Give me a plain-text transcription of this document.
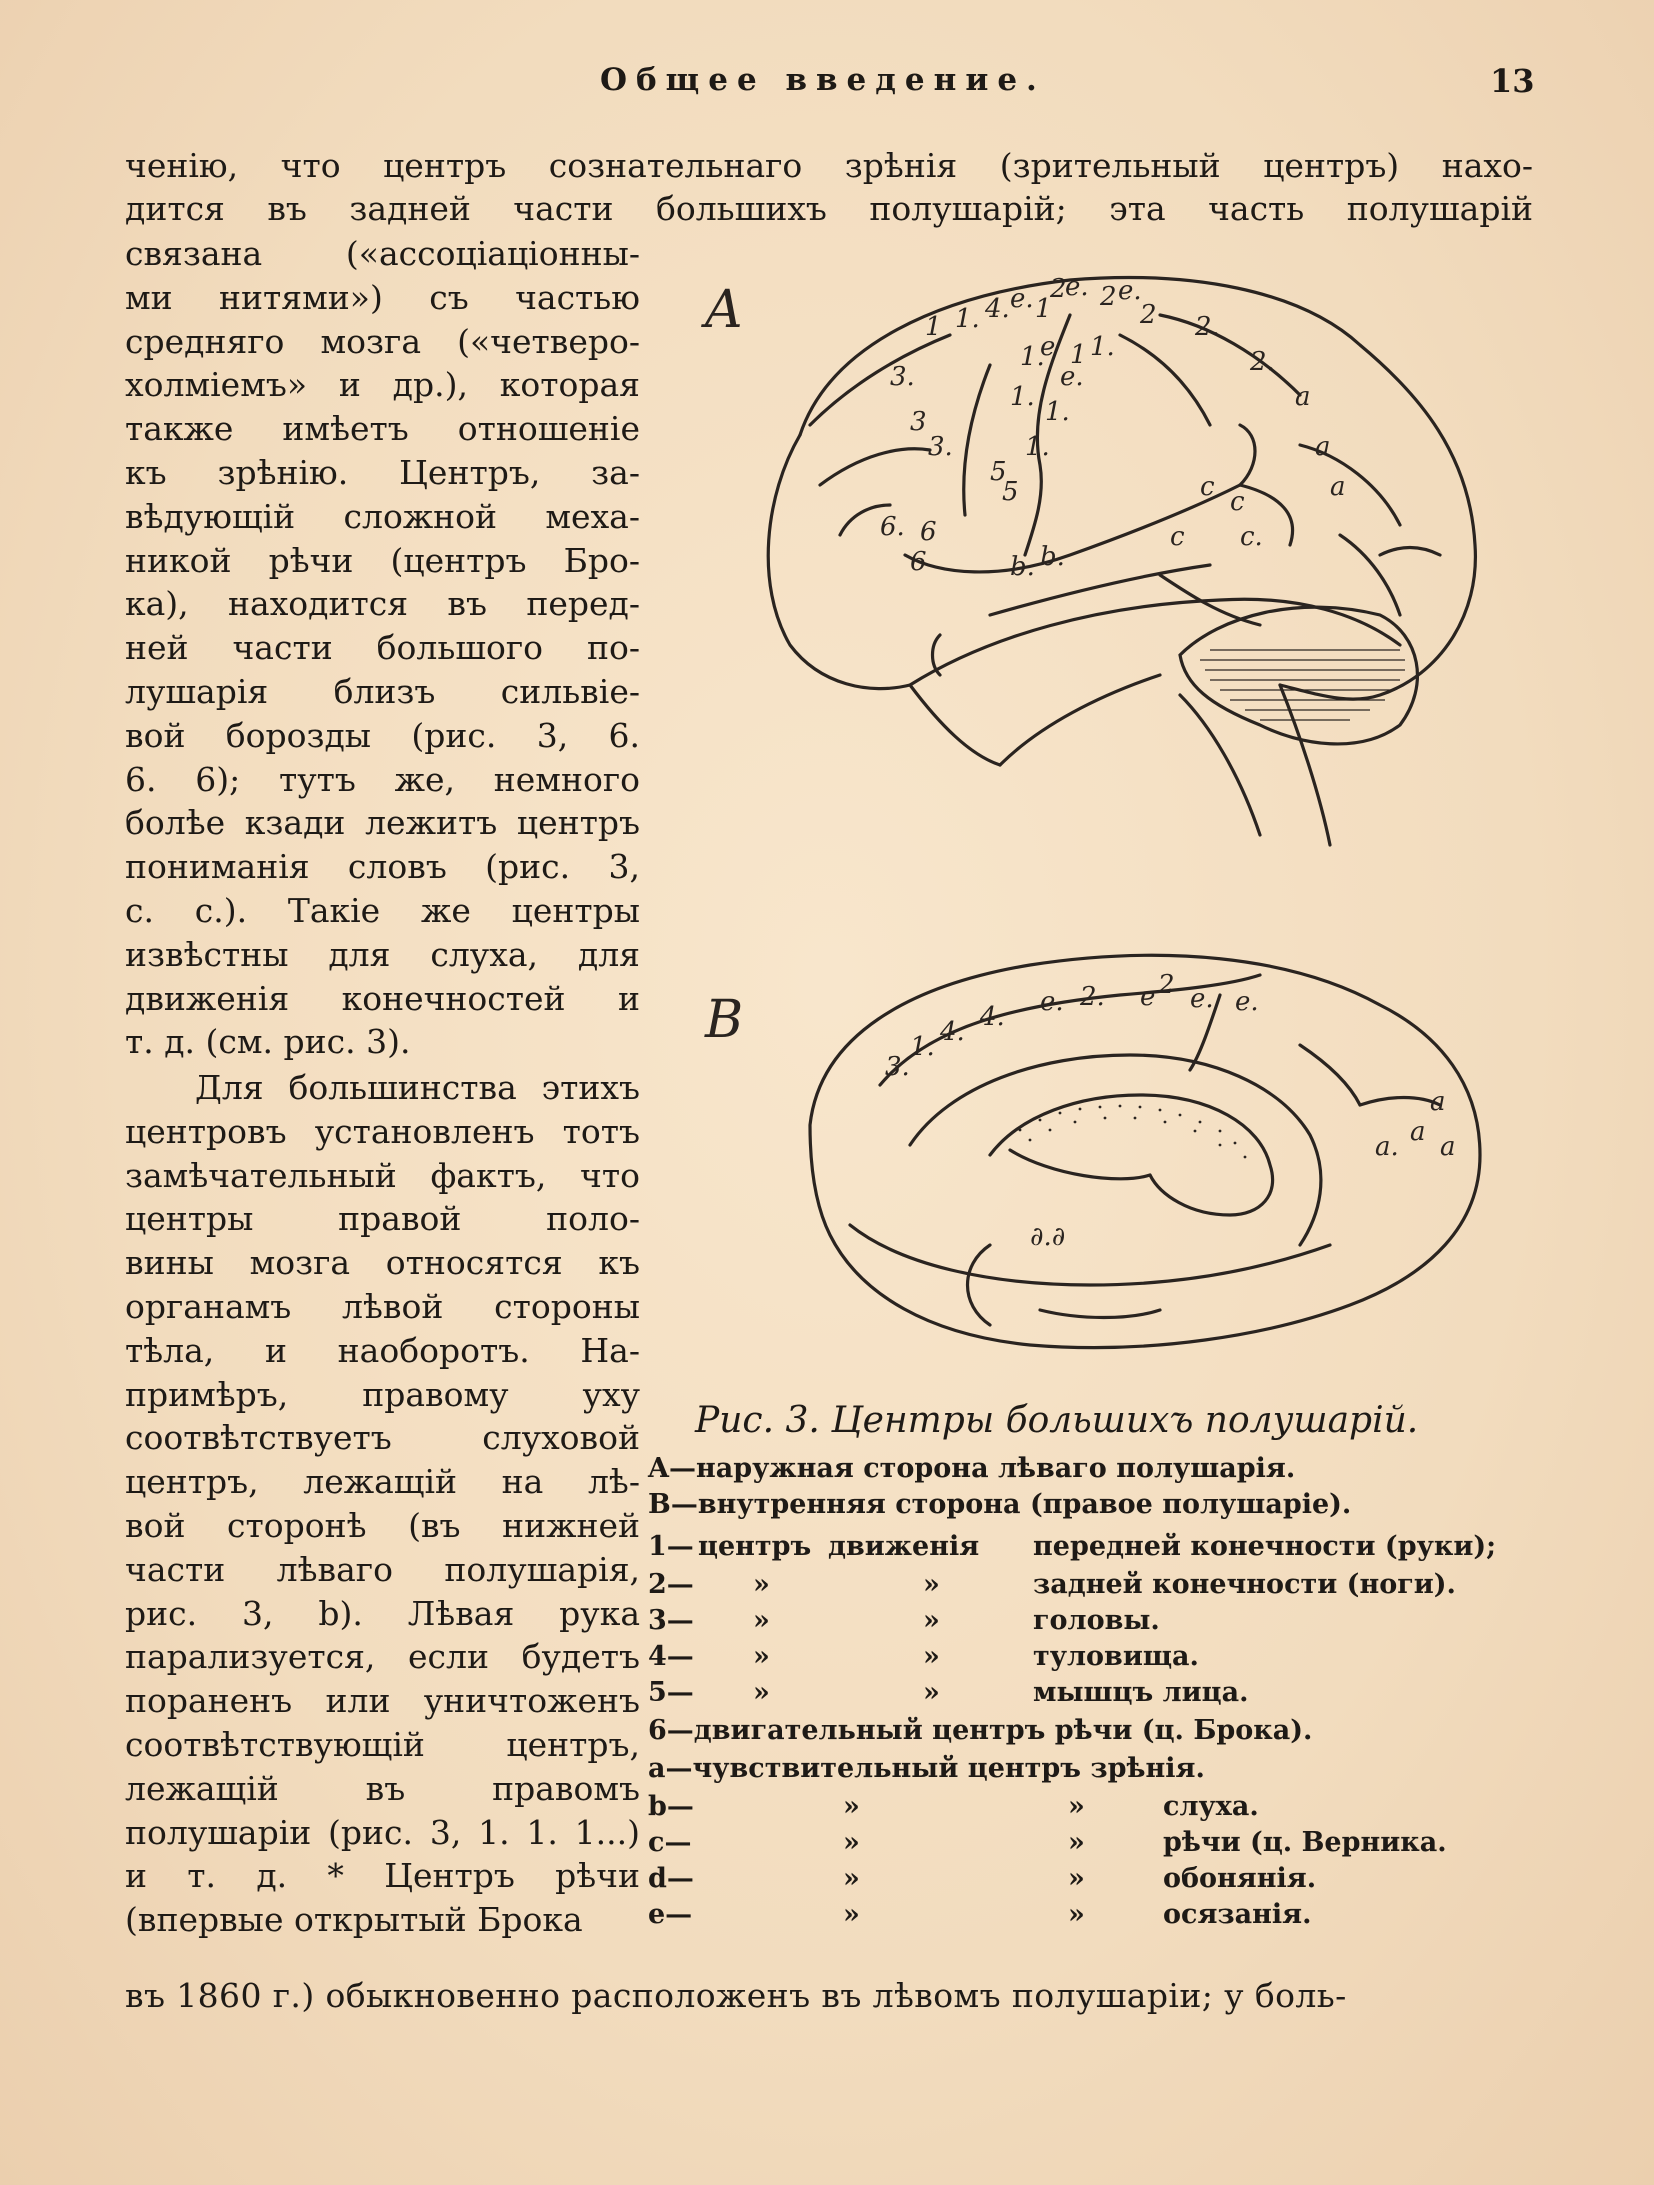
Общее введение.	13
ченію, что центръ сознательнаго зрѣнія (зрительный центръ) нахо-
дится въ задней части большихъ полушарій; эта часть полушарій
связана («ассоціаціонны-
ми нитями») съ частью
средняго мозга («четверо-
холміемъ» и др.), которая
также имѣетъ отношеніе
къ зрѣнію. Центръ, за-
вѣдующій сложной меха-
никой рѣчи (центръ Бро-
ка), находится въ перед-
ней части большого по-
лушарія близъ сильвіе-
вой борозды (рис. 3, 6.
6. 6); тутъ же, немного
болѣе кзади лежитъ центръ
пониманія словъ (рис. 3,
c. c.). Такіе же центры
извѣстны для слуха, для
движенія конечностей и
т. д. (см. рис. 3).
Для большинства этихъ
центровъ установленъ тотъ
замѣчательный фактъ, что
центры правой поло-
вины мозга относятся къ
органамъ лѣвой стороны
тѣла, и наоборотъ. На-
примѣръ, правому уху
соотвѣтствуетъ слуховой
центръ, лежащій на лѣ-
вой сторонѣ (въ нижней
части лѣваго полушарія,
рис. 3, b). Лѣвая рука
парализуется, если будетъ
пораненъ или уничтоженъ
соотвѣтствующій центръ,
лежащій въ правомъ
полушаріи (рис. 3, 1. 1. 1...)
и т. д. * Центръ рѣчи
(впервые открытый Брока
въ 1860 г.) обыкновенно расположенъ въ лѣвомъ полушаріи; у боль-
A	1 1. 4. e. 1
2
e. 2 e.
2 2.
2.
a
a
a
3.
3
3.
1.
e 1 1.
e.
1. 1.
1.
5
5
6. 6
6	b. b.
c c
c c.
B
3.
1. 4. 4. e. 2. e 2 e. e.
a
a
a. a
∂.∂
Рис. 3. Центры большихъ полушарій.
A—наружная сторона лѣваго полушарія.
B—внутренняя сторона (правое полушаріе).
1— центръ движенія передней конечности (руки);
2— »	»	задней конечности (ноги).
3— »	»	головы.
4— »	»	туловища.
5— »	»	мышцъ лица.
6—двигательный центръ рѣчи (ц. Брока).
a—чувствительный центръ зрѣнія.
b—	»	»	слуха.
c—	»	»	рѣчи (ц. Верника.
d—	»	»	обонянія.
e—	»	»	осязанія.
